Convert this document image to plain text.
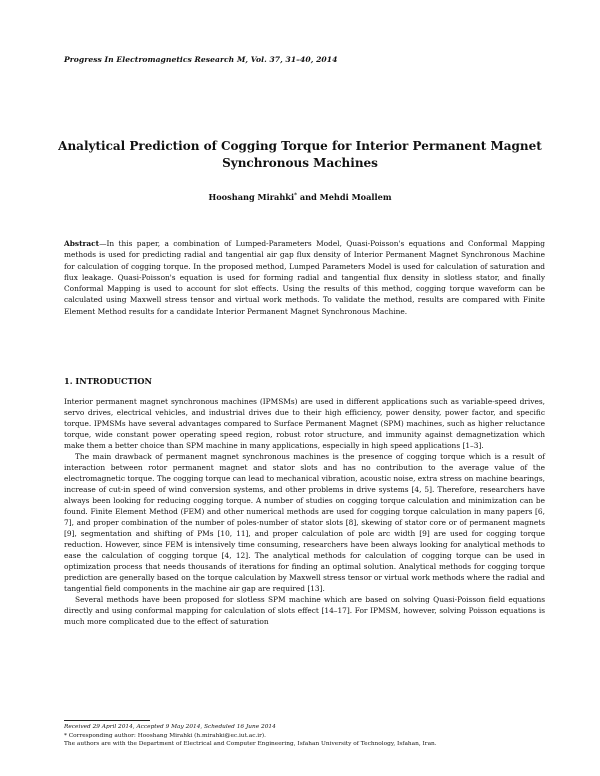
Progress In Electromagnetics Research M, Vol. 37, 31–40, 2014
Analytical Prediction of Cogging Torque for Interior Permanent Magnet Synchronous Machines
Hooshang Mirahki* and Mehdi Moallem
Abstract—In this paper, a combination of Lumped-Parameters Model, Quasi-Poisson's equations and Conformal Mapping methods is used for predicting radial and tangential air gap flux density of Interior Permanent Magnet Synchronous Machine for calculation of cogging torque. In the proposed method, Lumped Parameters Model is used for calculation of saturation and flux leakage. Quasi-Poisson's equation is used for forming radial and tangential flux density in slotless stator, and finally Conformal Mapping is used to account for slot effects. Using the results of this method, cogging torque waveform can be calculated using Maxwell stress tensor and virtual work methods. To validate the method, results are compared with Finite Element Method results for a candidate Interior Permanent Magnet Synchronous Machine.
1. INTRODUCTION

Interior permanent magnet synchronous machines (IPMSMs) are used in different applications such as variable-speed drives, servo drives, electrical vehicles, and industrial drives due to their high efficiency, power density, power factor, and specific torque. IPMSMs have several advantages compared to Surface Permanent Magnet (SPM) machines, such as higher reluctance torque, wide constant power operating speed region, robust rotor structure, and immunity against demagnetization which make them a better choice than SPM machine in many applications, especially in high speed applications [1–3].

The main drawback of permanent magnet synchronous machines is the presence of cogging torque which is a result of interaction between rotor permanent magnet and stator slots and has no contribution to the average value of the electromagnetic torque. The cogging torque can lead to mechanical vibration, acoustic noise, extra stress on machine bearings, increase of cut-in speed of wind conversion systems, and other problems in drive systems [4, 5]. Therefore, researchers have always been looking for reducing cogging torque. A number of studies on cogging torque calculation and minimization can be found. Finite Element Method (FEM) and other numerical methods are used for cogging torque calculation in many papers [6, 7], and proper combination of the number of poles-number of stator slots [8], skewing of stator core or of permanent magnets [9], segmentation and shifting of PMs [10, 11], and proper calculation of pole arc width [9] are used for cogging torque reduction. However, since FEM is intensively time consuming, researchers have been always looking for analytical methods to ease the calculation of cogging torque [4, 12]. The analytical methods for calculation of cogging torque can be used in optimization process that needs thousands of iterations for finding an optimal solution. Analytical methods for cogging torque prediction are generally based on the torque calculation by Maxwell stress tensor or virtual work methods where the radial and tangential field components in the machine air gap are required [13].

Several methods have been proposed for slotless SPM machine which are based on solving Quasi-Poisson field equations directly and using conformal mapping for calculation of slots effect [14–17]. For IPMSM, however, solving Poisson equations is much more complicated due to the effect of saturation

Received 29 April 2014, Accepted 9 May 2014, Scheduled 16 June 2014
* Corresponding author: Hooshang Mirahki (h.mirahki@ec.iut.ac.ir).
The authors are with the Department of Electrical and Computer Engineering, Isfahan University of Technology, Isfahan, Iran.
